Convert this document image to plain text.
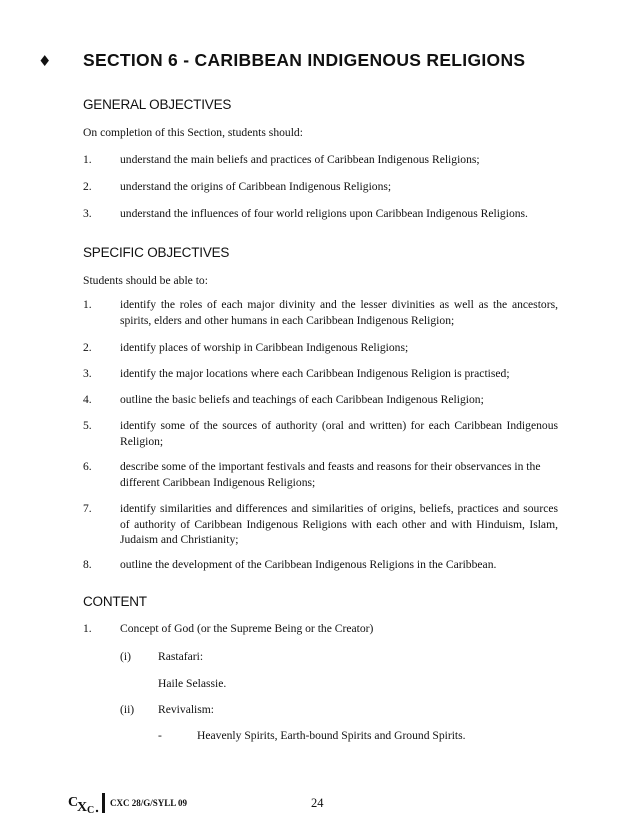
♦ SECTION 6 - CARIBBEAN INDIGENOUS RELIGIONS
GENERAL OBJECTIVES
On completion of this Section, students should:
1. understand the main beliefs and practices of Caribbean Indigenous Religions;
2. understand the origins of Caribbean Indigenous Religions;
3. understand the influences of four world religions upon Caribbean Indigenous Religions.
SPECIFIC OBJECTIVES
Students should be able to:
1. identify the roles of each major divinity and the lesser divinities as well as the ancestors, spirits, elders and other humans in each Caribbean Indigenous Religion;
2. identify places of worship in Caribbean Indigenous Religions;
3. identify the major locations where each Caribbean Indigenous Religion is practised;
4. outline the basic beliefs and teachings of each Caribbean Indigenous Religion;
5. identify some of the sources of authority (oral and written) for each Caribbean Indigenous Religion;
6. describe some of the important festivals and feasts and reasons for their observances in the different Caribbean Indigenous Religions;
7. identify similarities and differences and similarities of origins, beliefs, practices and sources of authority of Caribbean Indigenous Religions with each other and with Hinduism, Islam, Judaism and Christianity;
8. outline the development of the Caribbean Indigenous Religions in the Caribbean.
CONTENT
1. Concept of God (or the Supreme Being or the Creator)
(i) Rastafari:
Haile Selassie.
(ii) Revivalism:
-	Heavenly Spirits, Earth-bound Spirits and Ground Spirits.
C
X C
CXC 28/G/SYLL 09	24
